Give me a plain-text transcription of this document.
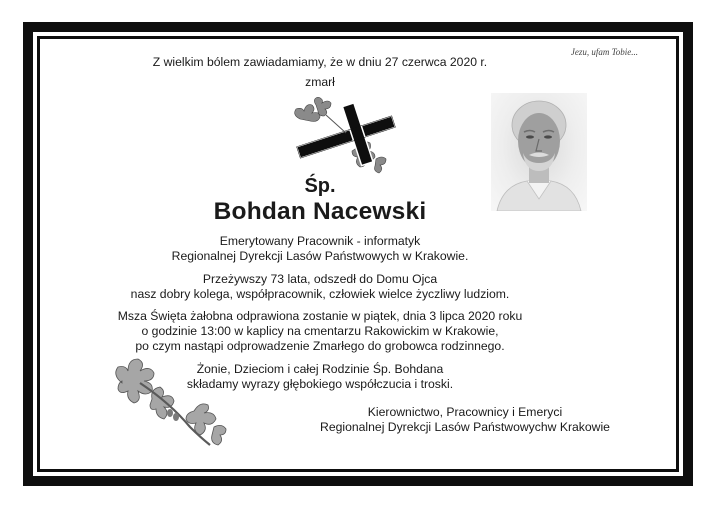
Jezu, ufam Tobie...
Z wielkim bólem zawiadamiamy, że w dniu 27 czerwca 2020 r.
zmarł
Śp.
Bohdan Nacewski
Emerytowany Pracownik - informatyk
Regionalnej Dyrekcji Lasów Państwowych w Krakowie.
Przeżywszy 73 lata, odszedł do Domu Ojca
nasz dobry kolega, współpracownik, człowiek wielce życzliwy ludziom.
Msza Święta żałobna odprawiona zostanie w piątek, dnia 3 lipca 2020 roku
o godzinie 13:00 w kaplicy na cmentarzu Rakowickim w Krakowie,
po czym nastąpi odprowadzenie Zmarłego do grobowca rodzinnego.
Żonie, Dzieciom i całej Rodzinie Śp. Bohdana
składamy wyrazy głębokiego współczucia i troski.
Kierownictwo, Pracownicy i Emeryci
Regionalnej Dyrekcji Lasów Państwowychw Krakowie
